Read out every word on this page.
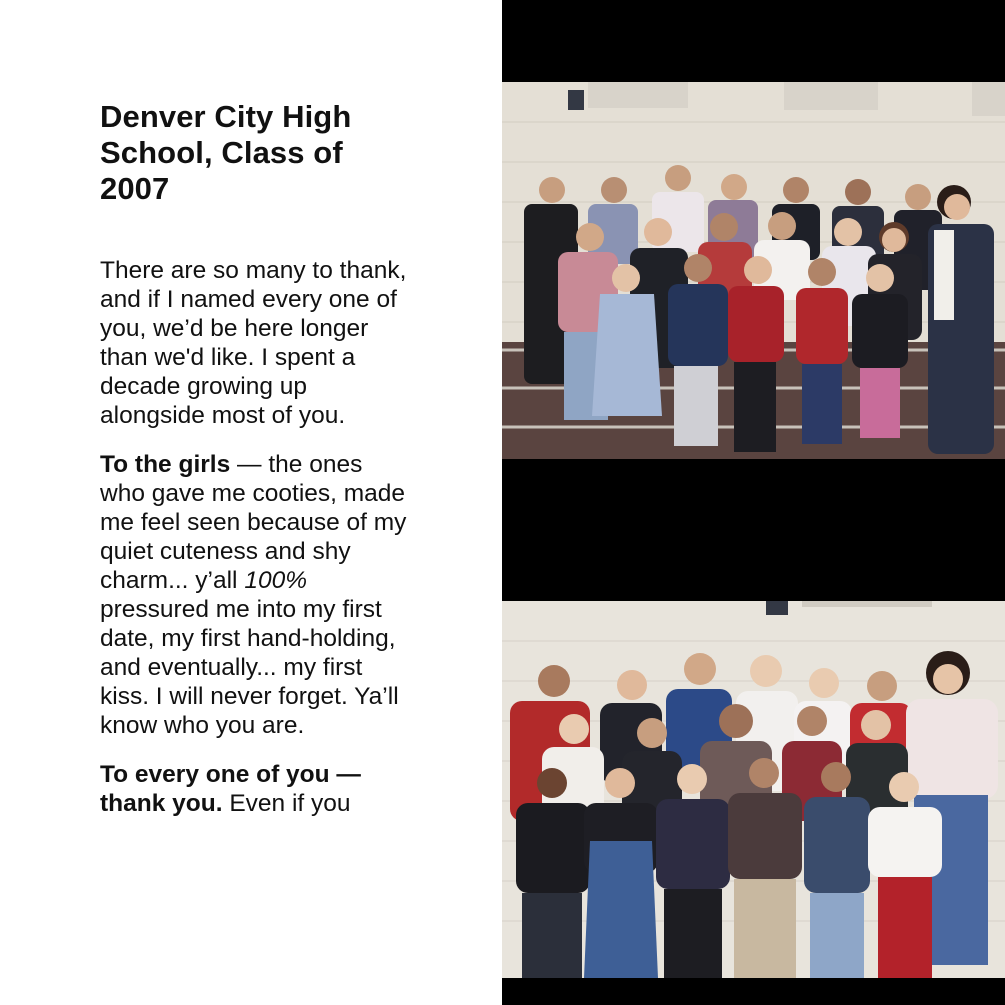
Denver City High School, Class of 2007

There are so many to thank, and if I named every one of you, we’d be here longer than we'd like. I spent a decade growing up alongside most of you.

To the girls — the ones who gave me cooties, made me feel seen because of my quiet cuteness and shy charm... y’all 100% pressured me into my first date, my first hand-holding, and eventually... my first kiss. I will never forget. Ya’ll know who you are.

To every one of you — thank you. Even if you
